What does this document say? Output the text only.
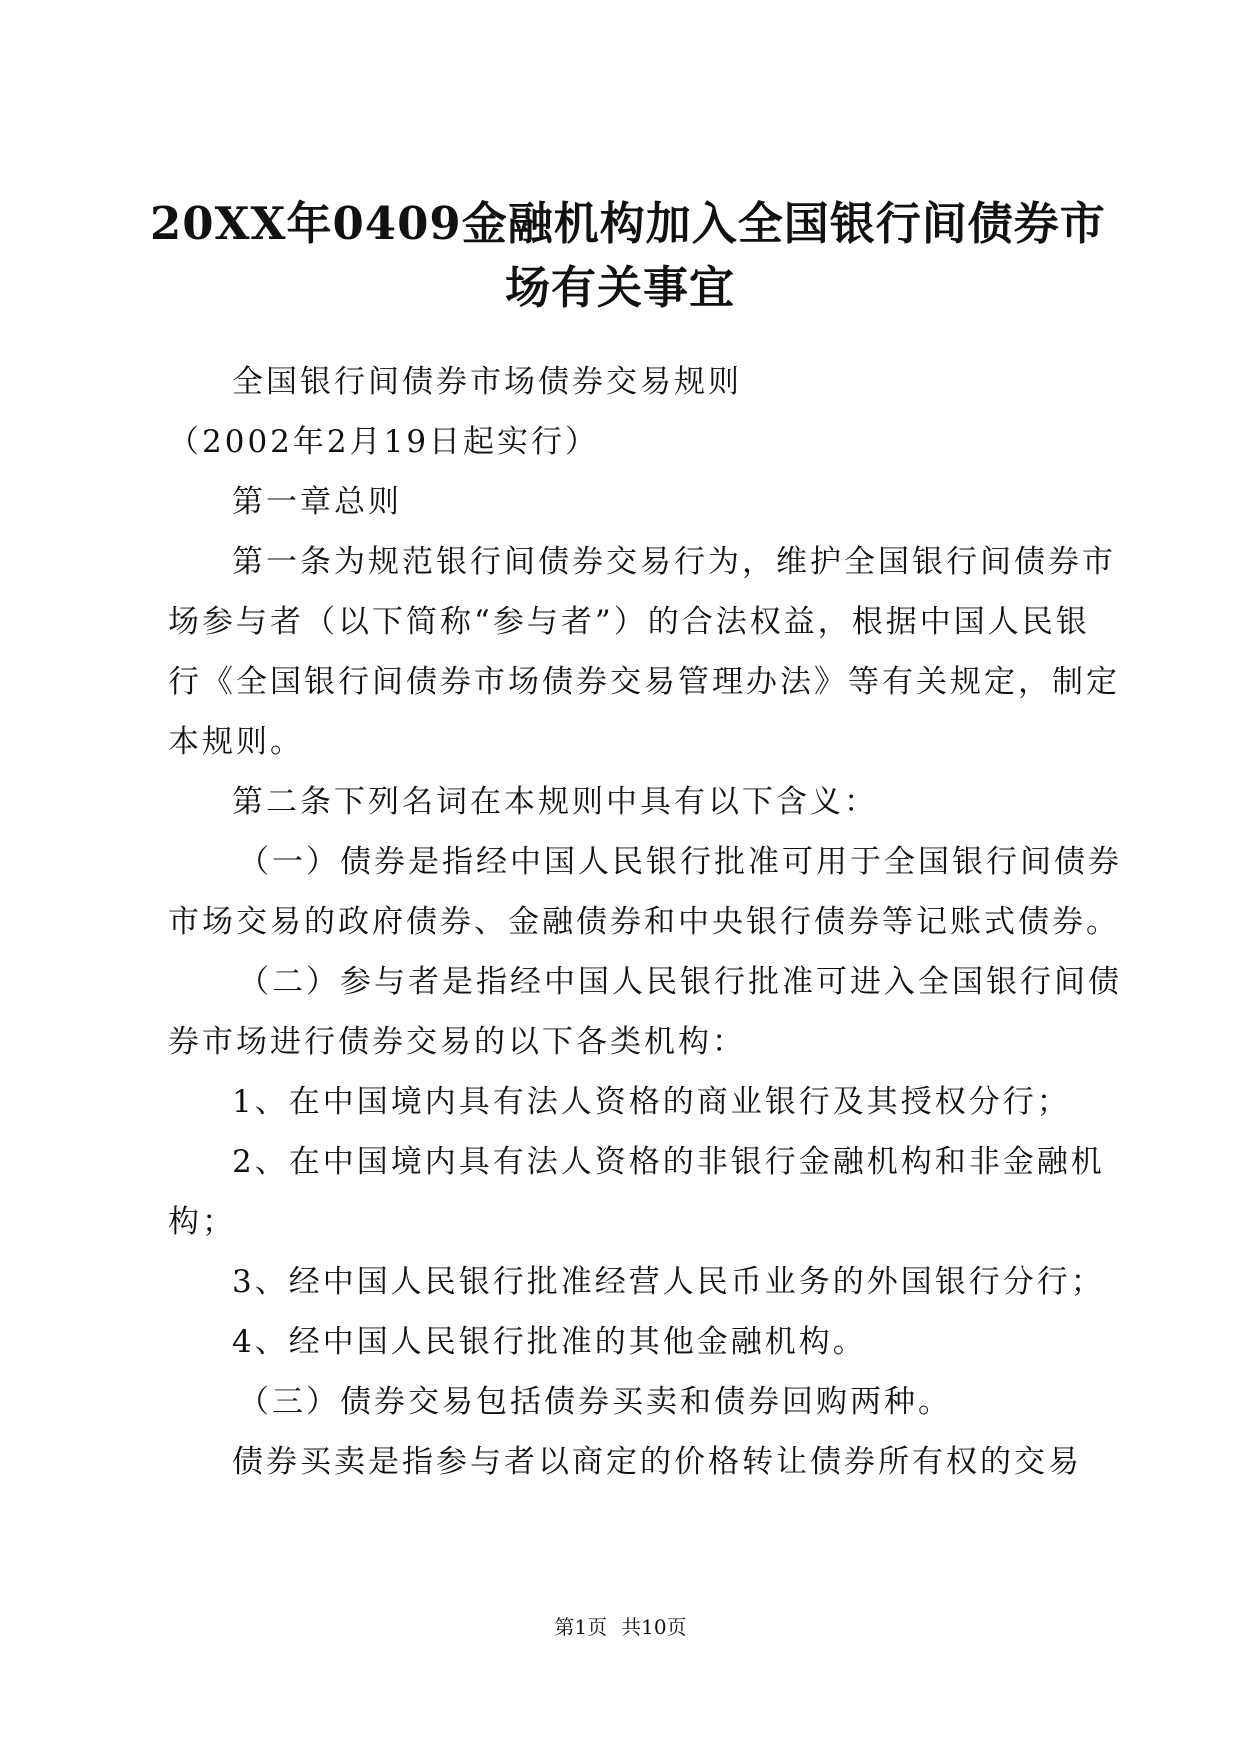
20XX年0409金融机构加入全国银行间债券市
场有关事宜
全国银行间债券市场债券交易规则
（2002年2月19日起实行）
第一章总则
第一条为规范银行间债券交易行为，维护全国银行间债券市
场参与者（以下简称“参与者”）的合法权益，根据中国人民银
行《全国银行间债券市场债券交易管理办法》等有关规定，制定
本规则。
第二条下列名词在本规则中具有以下含义：
（一）债券是指经中国人民银行批准可用于全国银行间债券
市场交易的政府债券、金融债券和中央银行债券等记账式债券。
（二）参与者是指经中国人民银行批准可进入全国银行间债
券市场进行债券交易的以下各类机构：
1、在中国境内具有法人资格的商业银行及其授权分行；
2、在中国境内具有法人资格的非银行金融机构和非金融机
构；
3、经中国人民银行批准经营人民币业务的外国银行分行；
4、经中国人民银行批准的其他金融机构。
（三）债券交易包括债券买卖和债券回购两种。
债券买卖是指参与者以商定的价格转让债券所有权的交易
第1页 共10页
